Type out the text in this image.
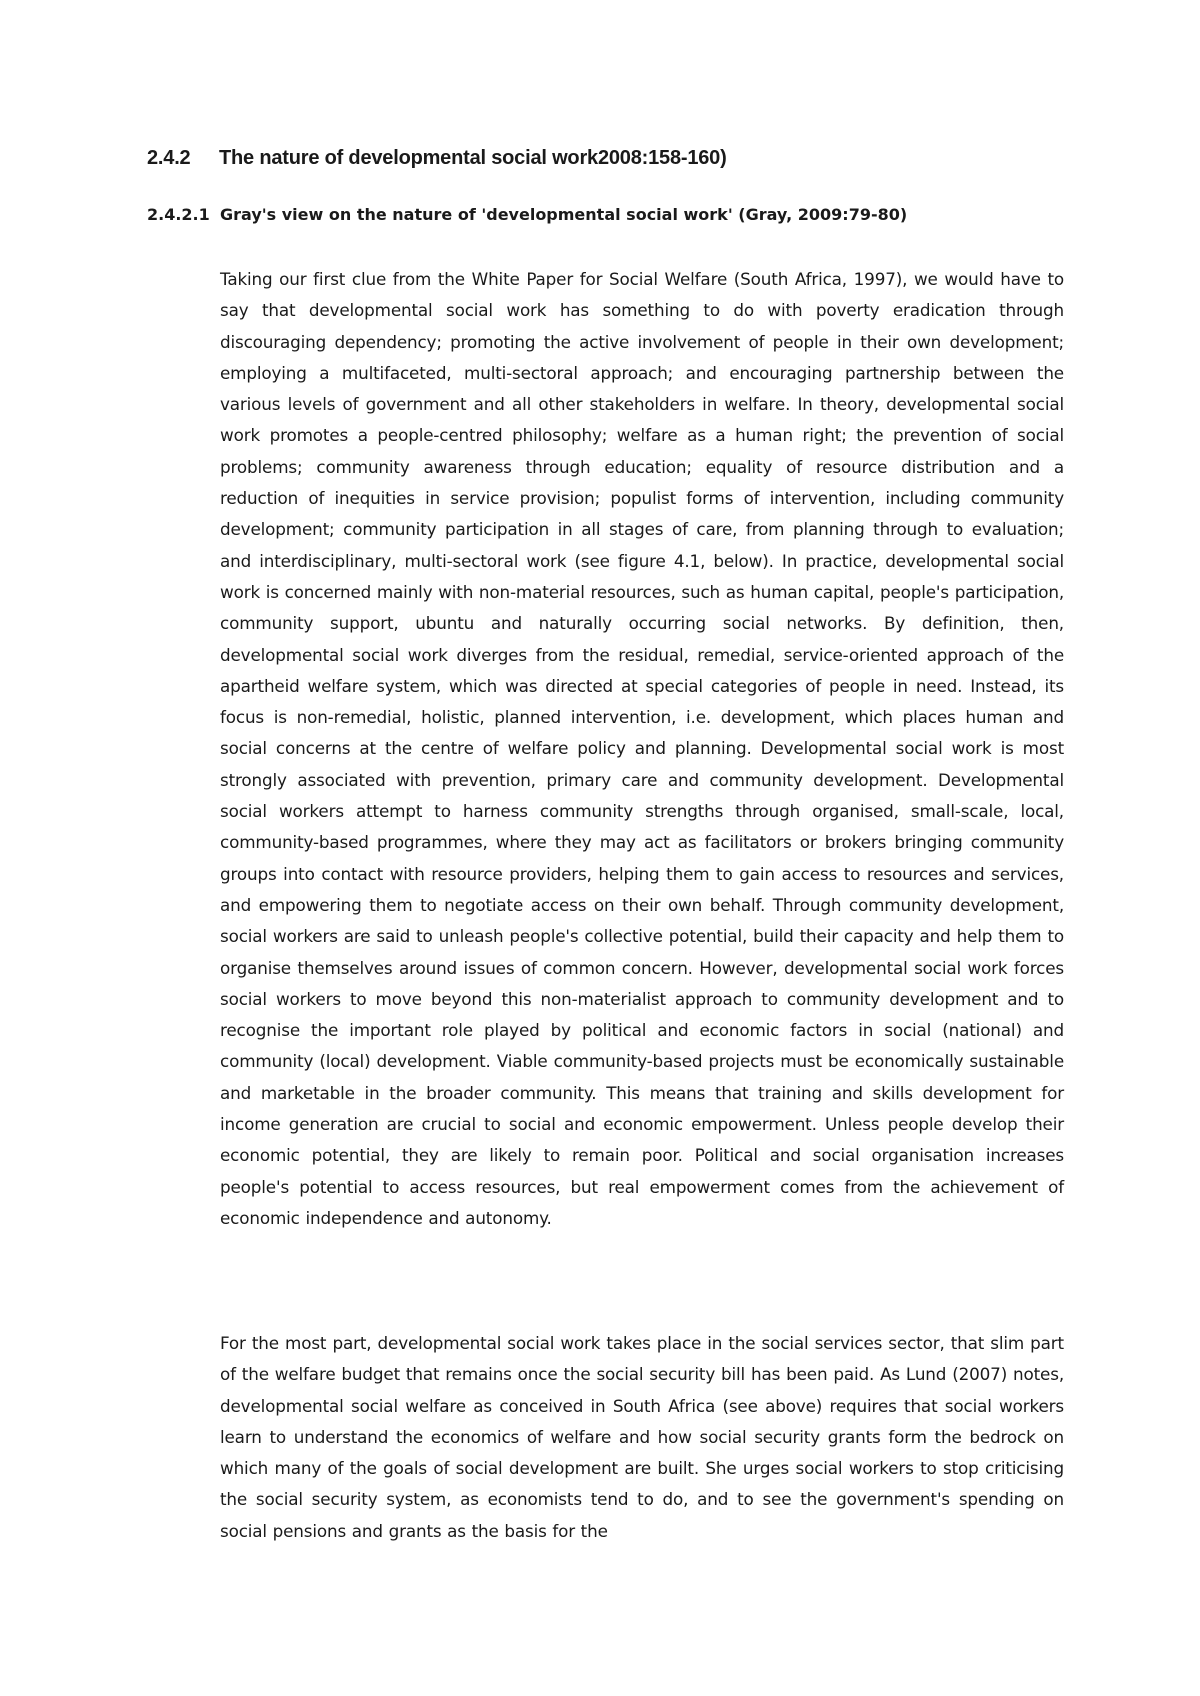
2.4.2 The nature of developmental social work2008:158-160)
2.4.2.1 Gray's view on the nature of 'developmental social work' (Gray, 2009:79-80)

Taking our first clue from the White Paper for Social Welfare (South Africa, 1997), we would have to say that developmental social work has something to do with poverty eradication through discouraging dependency; promoting the active involvement of people in their own development; employing a multifaceted, multi-sectoral approach; and encouraging partnership between the various levels of government and all other stakeholders in welfare. In theory, developmental social work promotes a people-centred philosophy; welfare as a human right; the prevention of social problems; community awareness through education; equality of resource distribution and a reduction of inequities in service provision; populist forms of intervention, including community development; community participation in all stages of care, from planning through to evaluation; and interdisciplinary, multi-sectoral work (see figure 4.1, below). In practice, developmental social work is concerned mainly with non-material resources, such as human capital, people's participation, community support, ubuntu and naturally occurring social networks. By definition, then, developmental social work diverges from the residual, remedial, service-oriented approach of the apartheid welfare system, which was directed at special categories of people in need. Instead, its focus is non-remedial, holistic, planned intervention, i.e. development, which places human and social concerns at the centre of welfare policy and planning. Developmental social work is most strongly associated with prevention, primary care and community development. Developmental social workers attempt to harness community strengths through organised, small-scale, local, community-based programmes, where they may act as facilitators or brokers bringing community groups into contact with resource providers, helping them to gain access to resources and services, and empowering them to negotiate access on their own behalf. Through community development, social workers are said to unleash people's collective potential, build their capacity and help them to organise themselves around issues of common concern. However, developmental social work forces social workers to move beyond this non-materialist approach to community development and to recognise the important role played by political and economic factors in social (national) and community (local) development. Viable community-based projects must be economically sustainable and marketable in the broader community. This means that training and skills development for income generation are crucial to social and economic empowerment. Unless people develop their economic potential, they are likely to remain poor. Political and social organisation increases people's potential to access resources, but real empowerment comes from the achievement of economic independence and autonomy.

For the most part, developmental social work takes place in the social services sector, that slim part of the welfare budget that remains once the social security bill has been paid. As Lund (2007) notes, developmental social welfare as conceived in South Africa (see above) requires that social workers learn to understand the economics of welfare and how social security grants form the bedrock on which many of the goals of social development are built. She urges social workers to stop criticising the social security system, as economists tend to do, and to see the government's spending on social pensions and grants as the basis for the
